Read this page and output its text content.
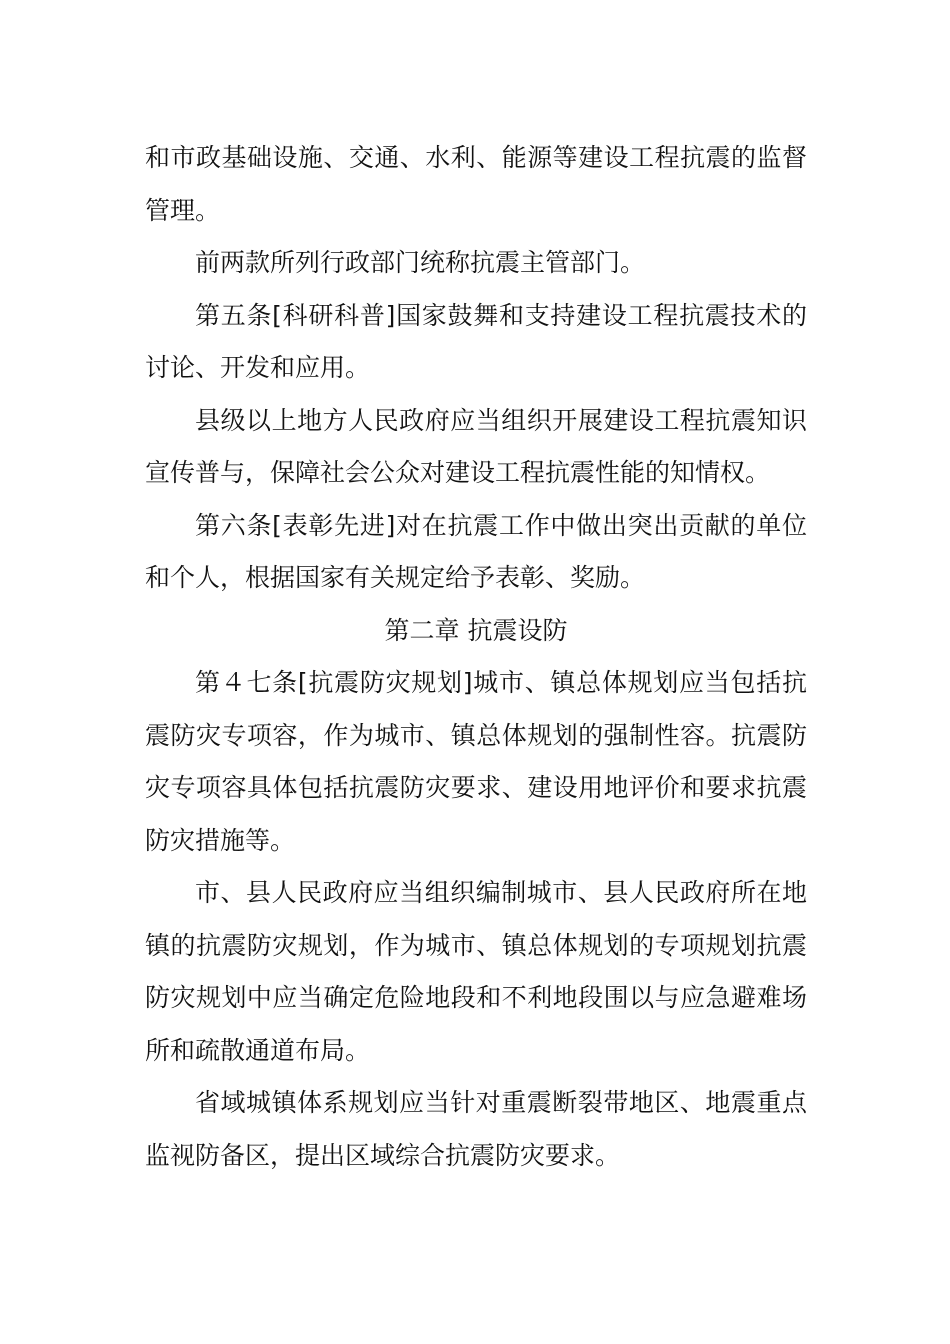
和市政基础设施、交通、水利、能源等建设工程抗震的监督管理。

前两款所列行政部门统称抗震主管部门。

第五条[科研科普]国家鼓舞和支持建设工程抗震技术的讨论、开发和应用。

县级以上地方人民政府应当组织开展建设工程抗震知识宣传普与，保障社会公众对建设工程抗震性能的知情权。

第六条[表彰先进]对在抗震工作中做出突出贡献的单位和个人，根据国家有关规定给予表彰、奖励。

第二章 抗震设防

第４七条[抗震防灾规划]城市、镇总体规划应当包括抗震防灾专项容，作为城市、镇总体规划的强制性容。抗震防灾专项容具体包括抗震防灾要求、建设用地评价和要求抗震防灾措施等。

市、县人民政府应当组织编制城市、县人民政府所在地镇的抗震防灾规划，作为城市、镇总体规划的专项规划抗震防灾规划中应当确定危险地段和不利地段围以与应急避难场所和疏散通道布局。

省域城镇体系规划应当针对重震断裂带地区、地震重点监视防备区，提出区域综合抗震防灾要求。
